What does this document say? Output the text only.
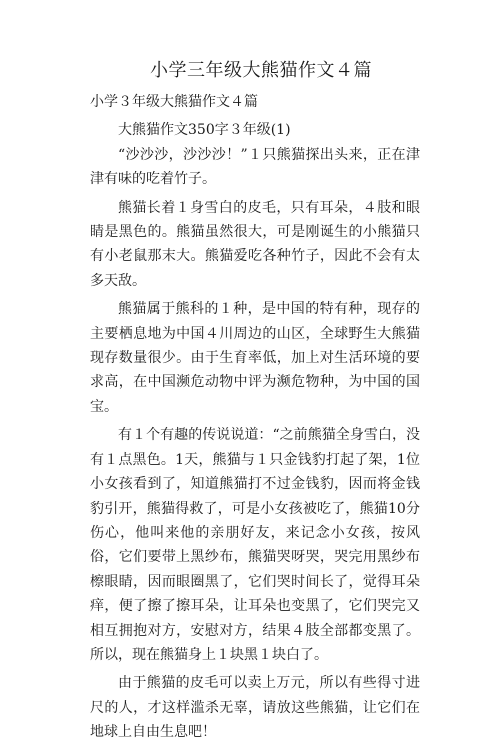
小学三年级大熊猫作文４篇

小学３年级大熊猫作文４篇

大熊猫作文350字３年级(1)

“沙沙沙，沙沙沙！”１只熊猫探出头来，正在津津有味的吃着竹子。

熊猫长着１身雪白的皮毛，只有耳朵，４肢和眼睛是黑色的。熊猫虽然很大，可是刚诞生的小熊猫只有小老鼠那末大。熊猫爱吃各种竹子，因此不会有太多天敌。

熊猫属于熊科的１种，是中国的特有种，现存的主要栖息地为中国４川周边的山区，全球野生大熊猫现存数量很少。由于生育率低，加上对生活环境的要求高，在中国濒危动物中评为濒危物种，为中国的国宝。

有１个有趣的传说说道：“之前熊猫全身雪白，没有１点黑色。1天，熊猫与１只金钱豹打起了架，1位小女孩看到了，知道熊猫打不过金钱豹，因而将金钱豹引开，熊猫得救了，可是小女孩被吃了，熊猫10分伤心，他叫来他的亲朋好友，来记念小女孩，按风俗，它们要带上黑纱布，熊猫哭呀哭，哭完用黑纱布檫眼睛，因而眼圈黑了，它们哭时间长了，觉得耳朵痒，便了擦了擦耳朵，让耳朵也变黑了，它们哭完又相互拥抱对方，安慰对方，结果４肢全部都变黑了。所以，现在熊猫身上１块黑１块白了。

由于熊猫的皮毛可以卖上万元，所以有些得寸进尺的人，才这样滥杀无辜，请放这些熊猫，让它们在地球上自由生息吧！
